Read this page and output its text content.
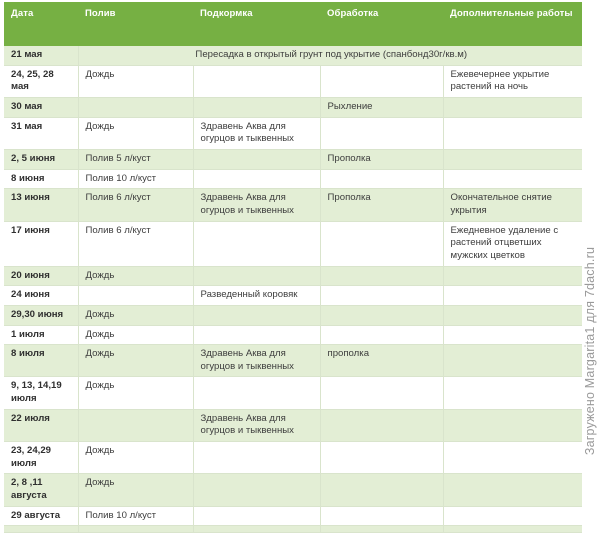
Дата	Полив	Подкормка	Обработка	Дополнительные работы
21 мая	Пересадка в открытый грунт под укрытие (спанбонд30г/кв.м)			
24, 25, 28 мая	Дождь			Ежевечернее укрытие растений на ночь
30 мая			Рыхление	
31 мая	Дождь	Здравень Аква для огурцов и тыквенных		
2, 5 июня	Полив 5 л/куст		Прополка	
8 июня	Полив 10 л/куст			
13 июня	Полив 6 л/куст	Здравень Аква для огурцов и тыквенных	Прополка	Окончательное снятие укрытия
17 июня	Полив 6 л/куст			Ежедневное удаление с растений отцветших мужских цветков
20 июня	Дождь			
24 июня		Разведенный коровяк		
29,30 июня	Дождь			
1 июля	Дождь			
8 июля	Дождь	Здравень Аква для огурцов и тыквенных	прополка	
9, 13, 14,19 июля	Дождь			
22 июля		Здравень Аква для огурцов и тыквенных		
23, 24,29 июля	Дождь			
2, 8 ,11 августа	Дождь			
29 августа	Полив 10 л/куст			

Загружено Margarita1 для 7dach.ru
